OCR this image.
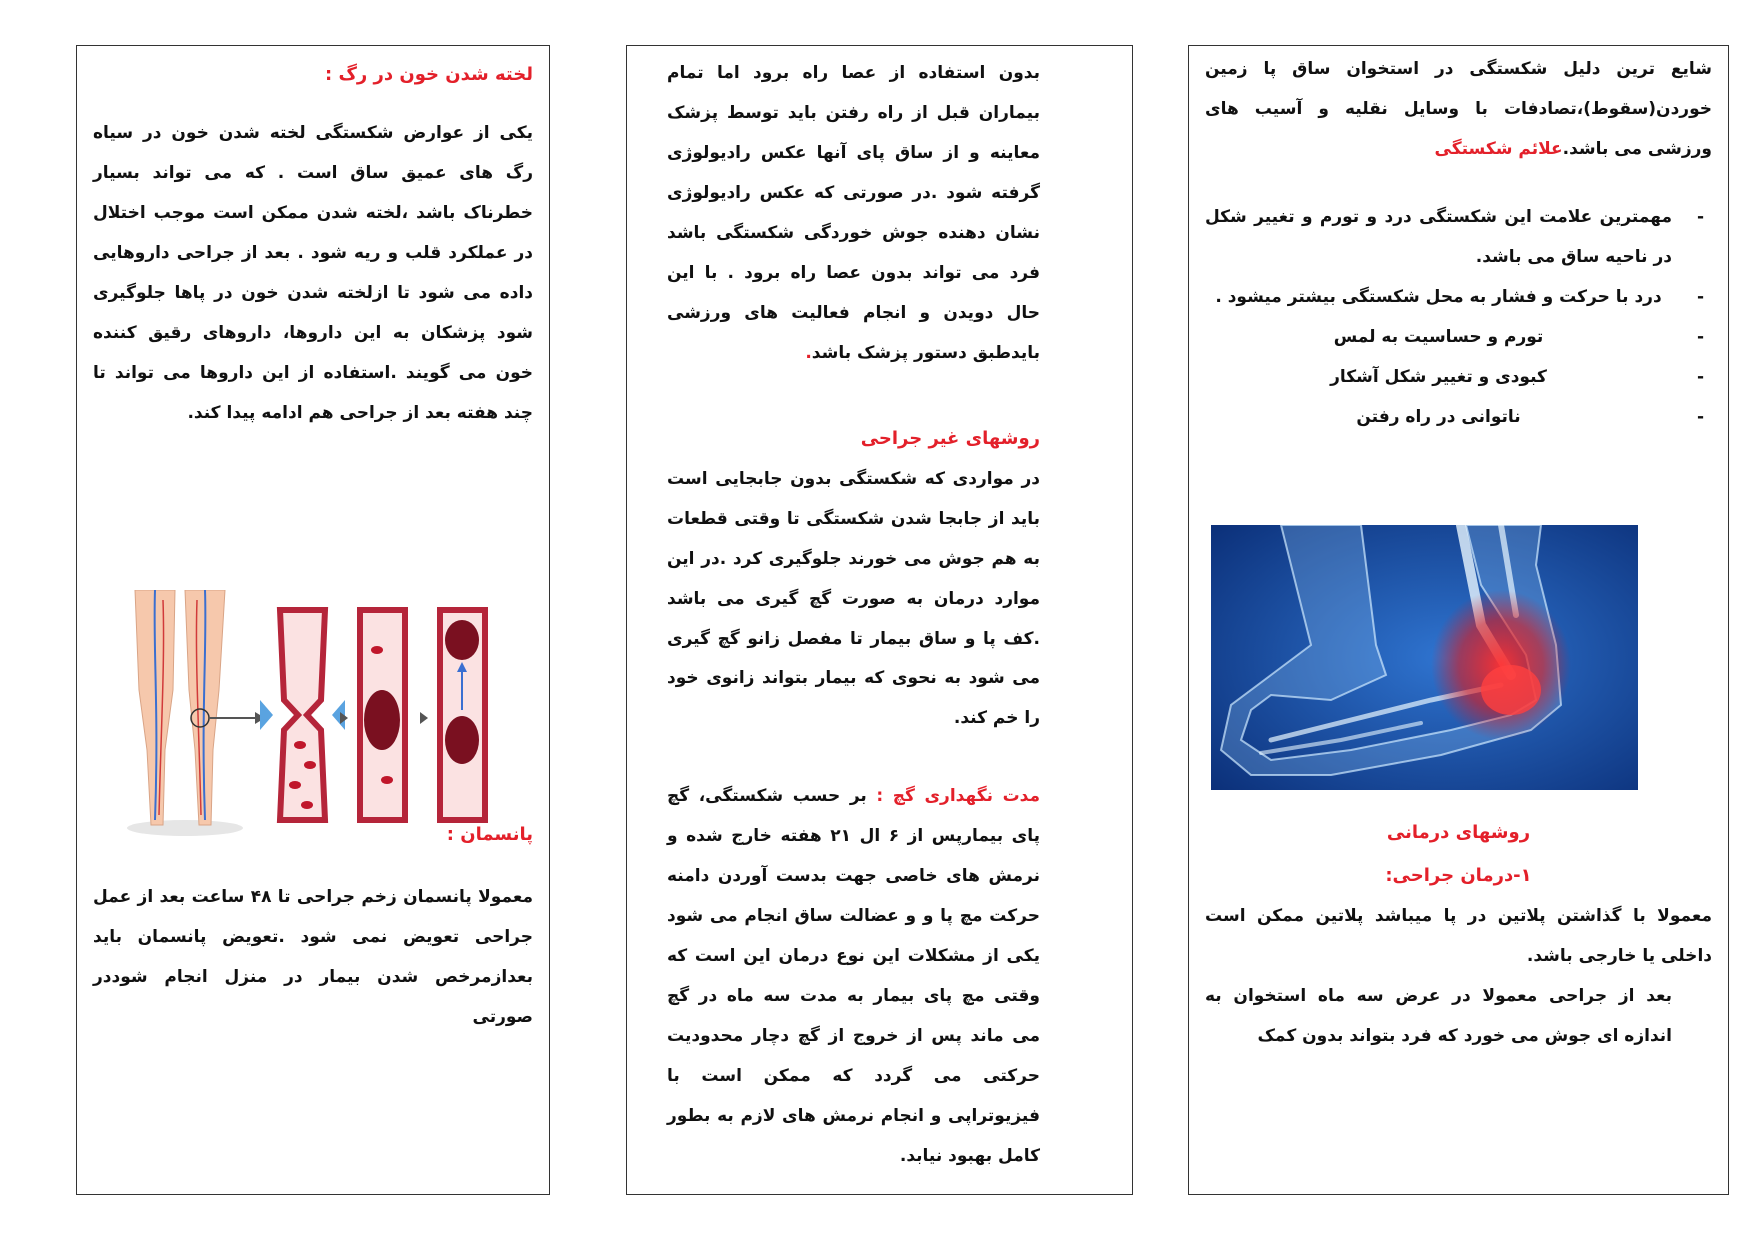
شایع ترین دلیل شکستگی در استخوان ساق پا زمین خوردن(سقوط)،تصادفات با وسایل نقلیه و آسیب های ورزشی می باشد.علائم شکستگی

- مهمترین علامت این شکستگی درد و تورم و تغییر شکل در ناحیه ساق می باشد.
- درد با حرکت و فشار به محل شکستگی بیشتر میشود .
- تورم و حساسیت به لمس
- کبودی و تغییر شکل آشکار
- ناتوانی در راه رفتن

روشهای درمانی

۱-درمان جراحی:

معمولا با گذاشتن پلاتین در پا میباشد پلاتین ممکن است داخلی یا خارجی باشد.

بعد از جراحی معمولا در عرض سه ماه استخوان به اندازه ای جوش می خورد که فرد بتواند بدون کمک

بدون استفاده از عصا راه برود اما تمام بیماران قبل از راه رفتن باید توسط پزشک معاینه و از ساق پای آنها عکس رادیولوژی گرفته شود .در صورتی که عکس رادیولوژی نشان دهنده جوش خوردگی شکستگی باشد فرد می تواند بدون عصا راه برود . با این حال دویدن و انجام فعالیت های ورزشی بایدطبق دستور پزشک باشد.

روشهای غیر جراحی

در مواردی که شکستگی بدون جابجایی است باید از جابجا شدن شکستگی تا وقتی قطعات به هم جوش می خورند جلوگیری کرد .در این موارد درمان به صورت گچ گیری می باشد .کف پا و ساق بیمار تا مفصل زانو گچ گیری می شود به نحوی که بیمار بتواند زانوی خود را خم کند.

مدت نگهداری گچ : بر حسب شکستگی، گچ پای بیمارپس از ۶ ال ۲۱ هفته خارج شده و نرمش های خاصی جهت بدست آوردن دامنه حرکت مچ پا و و عضالت ساق انجام می شود یکی از مشکلات این نوع درمان این است که وقتی مچ پای بیمار به مدت سه ماه در گچ می ماند پس از خروج از گچ دچار محدودیت حرکتی می گردد که ممکن است با فیزیوتراپی و انجام نرمش های لازم به بطور کامل بهبود نیابد.

لخته شدن خون در رگ :

یکی از عوارض شکستگی لخته شدن خون در سیاه رگ های عمیق ساق است . که می تواند بسیار خطرناک باشد ،لخته شدن ممکن است موجب اختلال در عملکرد قلب و ریه شود . بعد از جراحی داروهایی داده می شود تا ازلخته شدن خون در پاها جلوگیری شود پزشکان به این داروها، داروهای رقیق کننده خون می گویند .استفاده از این داروها می تواند تا چند هفته بعد از جراحی هم ادامه پیدا کند.

پانسمان :

معمولا پانسمان زخم جراحی تا ۴۸ ساعت بعد از عمل جراحی تعویض نمی شود .تعویض پانسمان باید بعدازمرخص شدن بیمار در منزل انجام شوددر صورتی
